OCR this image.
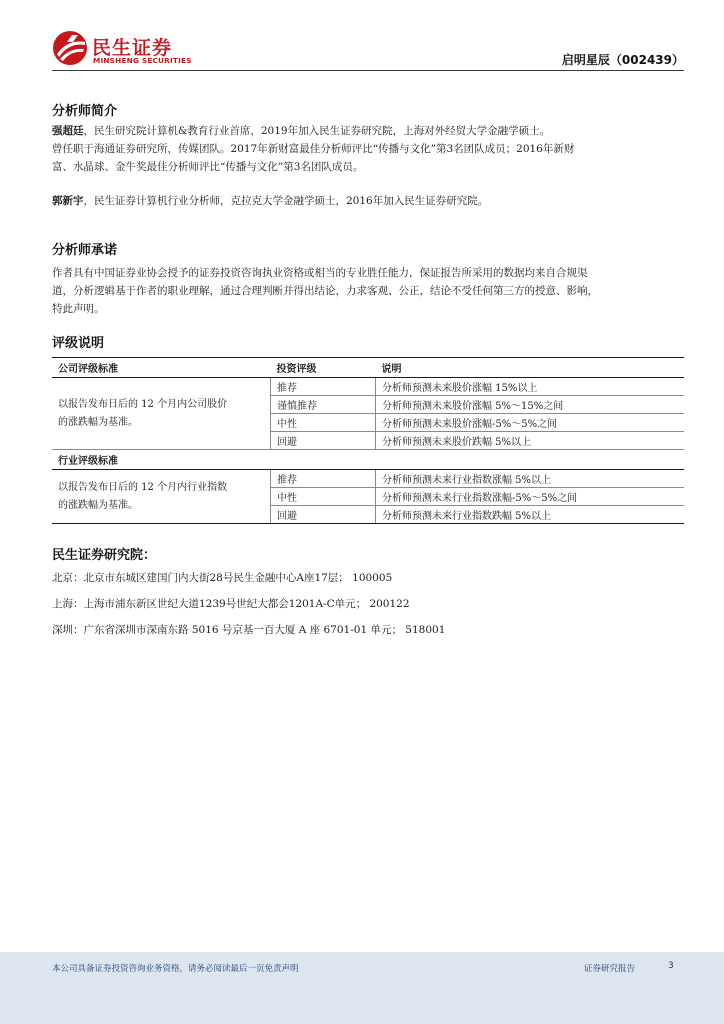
民生证券
MINSHENG SECURITIES	启明星辰（002439）
分析师简介
强超廷，民生研究院计算机&教育行业首席，2019年加入民生证券研究院，上海对外经贸大学金融学硕士。
曾任职于海通证券研究所，传媒团队。2017年新财富最佳分析师评比“传播与文化”第3名团队成员；2016年新财
富、水晶球、金牛奖最佳分析师评比“传播与文化”第3名团队成员。
郭新宇，民生证券计算机行业分析师，克拉克大学金融学硕士，2016年加入民生证券研究院。
分析师承诺
作者具有中国证券业协会授予的证券投资咨询执业资格或相当的专业胜任能力，保证报告所采用的数据均来自合规渠
道，分析逻辑基于作者的职业理解，通过合理判断并得出结论，力求客观、公正，结论不受任何第三方的授意、影响，
特此声明。
评级说明
公司评级标准	投资评级	说明

以报告发布日后的 12 个月内公司股价
的涨跌幅为基准。	推荐	分析师预测未来股价涨幅 15%以上
	谨慎推荐	分析师预测未来股价涨幅 5%～15%之间
	中性	分析师预测未来股价涨幅-5%～5%之间
	回避	分析师预测未来股价跌幅 5%以上
行业评级标准		

以报告发布日后的 12 个月内行业指数
的涨跌幅为基准。	推荐	分析师预测未来行业指数涨幅 5%以上
	中性	分析师预测未来行业指数涨幅-5%～5%之间
	回避	分析师预测未来行业指数跌幅 5%以上
民生证券研究院：
北京：北京市东城区建国门内大街28号民生金融中心A座17层； 100005
上海：上海市浦东新区世纪大道1239号世纪大都会1201A-C单元； 200122
深圳：广东省深圳市深南东路 5016 号京基一百大厦 A 座 6701-01 单元； 518001
本公司具备证券投资咨询业务资格，请务必阅读最后一页免责声明	证券研究报告	3
